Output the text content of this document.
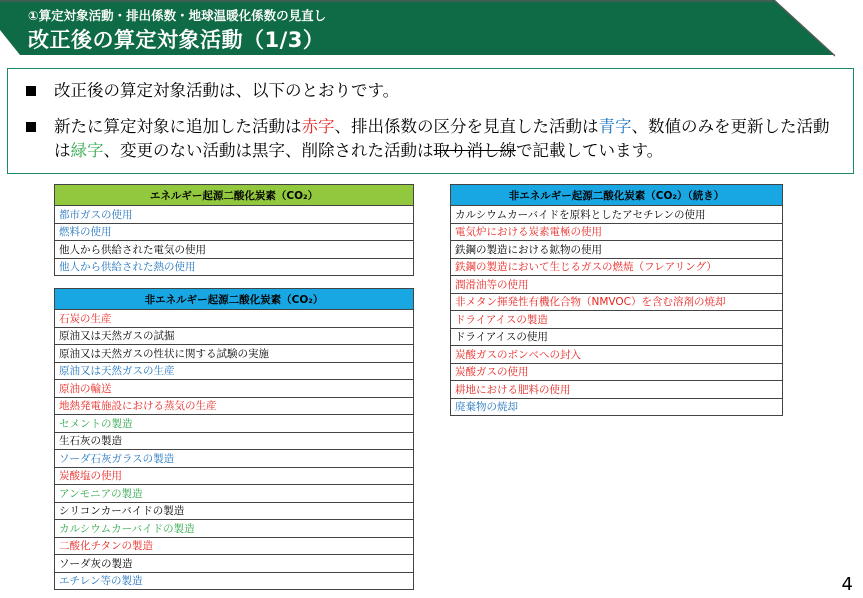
①算定対象活動・排出係数・地球温暖化係数の見直し
改正後の算定対象活動（1/3）
改正後の算定対象活動は、以下のとおりです。
新たに算定対象に追加した活動は赤字、排出係数の区分を見直した活動は青字、数値のみを更新した活動は緑字、変更のない活動は黒字、削除された活動は取り消し線で記載しています。
エネルギー起源二酸化炭素（CO₂）
都市ガスの使用
燃料の使用
他人から供給された電気の使用
他人から供給された熱の使用
非エネルギー起源二酸化炭素（CO₂）
石炭の生産
原油又は天然ガスの試掘
原油又は天然ガスの性状に関する試験の実施
原油又は天然ガスの生産
原油の輸送
地熱発電施設における蒸気の生産
セメントの製造
生石灰の製造
ソーダ石灰ガラスの製造
炭酸塩の使用
アンモニアの製造
シリコンカーバイドの製造
カルシウムカーバイドの製造
二酸化チタンの製造
ソーダ灰の製造
エチレン等の製造
非エネルギー起源二酸化炭素（CO₂）（続き）
カルシウムカーバイドを原料としたアセチレンの使用
電気炉における炭素電極の使用
鉄鋼の製造における鉱物の使用
鉄鋼の製造において生じるガスの燃焼（フレアリング）
潤滑油等の使用
非メタン揮発性有機化合物（NMVOC）を含む溶剤の焼却
ドライアイスの製造
ドライアイスの使用
炭酸ガスのボンベへの封入
炭酸ガスの使用
耕地における肥料の使用
廃棄物の焼却
4
